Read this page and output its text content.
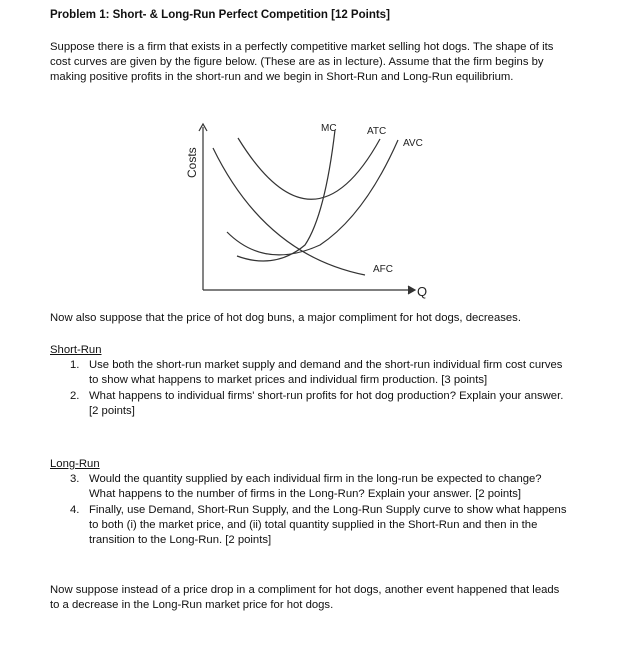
Problem 1: Short- & Long-Run Perfect Competition [12 Points]

Suppose there is a firm that exists in a perfectly competitive market selling hot dogs. The shape of its cost curves are given by the figure below. (These are as in lecture). Assume that the firm begins by making positive profits in the short-run and we begin in Short-Run and Long-Run equilibrium.

Costs
Q
MC	ATC
AVC
AFC

Now also suppose that the price of hot dog buns, a major compliment for hot dogs, decreases.

Short-Run

1. Use both the short-run market supply and demand and the short-run individual firm cost curves to show what happens to market prices and individual firm production. [3 points]
2. What happens to individual firms' short-run profits for hot dog production? Explain your answer. [2 points]

Long-Run

3. Would the quantity supplied by each individual firm in the long-run be expected to change? What happens to the number of firms in the Long-Run? Explain your answer. [2 points]
4. Finally, use Demand, Short-Run Supply, and the Long-Run Supply curve to show what happens to both (i) the market price, and (ii) total quantity supplied in the Short-Run and then in the transition to the Long-Run. [2 points]

Now suppose instead of a price drop in a compliment for hot dogs, another event happened that leads to a decrease in the Long-Run market price for hot dogs.
